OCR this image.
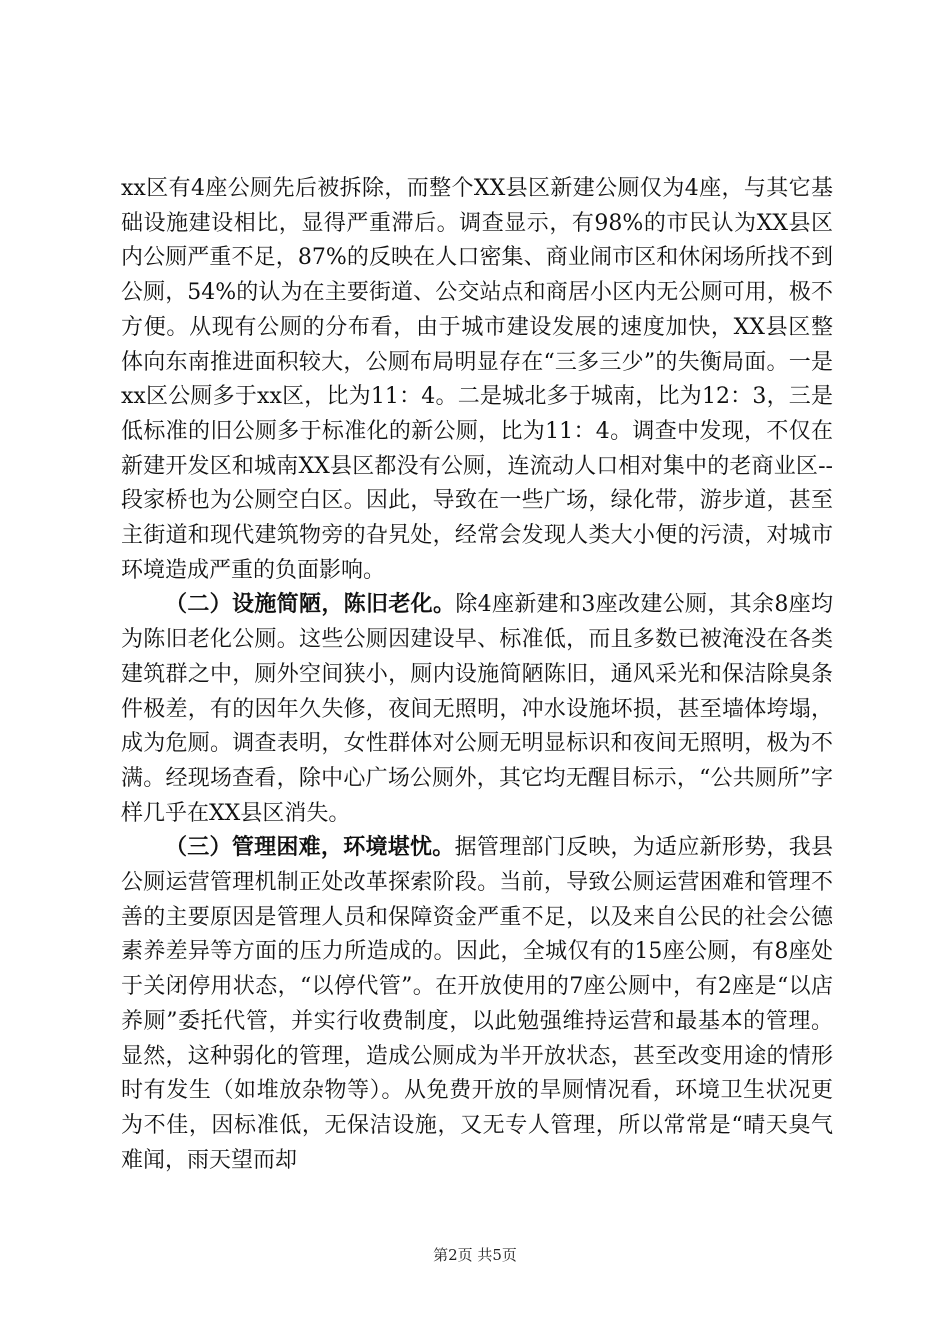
xx区有4座公厕先后被拆除，而整个XX县区新建公厕仅为4座，与其它基础设施建设相比，显得严重滞后。调查显示，有98%的市民认为XX县区内公厕严重不足，87%的反映在人口密集、商业闹市区和休闲场所找不到公厕，54%的认为在主要街道、公交站点和商居小区内无公厕可用，极不方便。从现有公厕的分布看，由于城市建设发展的速度加快，XX县区整体向东南推进面积较大，公厕布局明显存在“三多三少”的失衡局面。一是xx区公厕多于xx区，比为11：4。二是城北多于城南，比为12：3，三是低标准的旧公厕多于标准化的新公厕，比为11：4。调查中发现，不仅在新建开发区和城南XX县区都没有公厕，连流动人口相对集中的老商业区--段家桥也为公厕空白区。因此，导致在一些广场，绿化带，游步道，甚至主街道和现代建筑物旁的旮旯处，经常会发现人类大小便的污渍，对城市环境造成严重的负面影响。

（二）设施简陋，陈旧老化。除4座新建和3座改建公厕，其余8座均为陈旧老化公厕。这些公厕因建设早、标准低，而且多数已被淹没在各类建筑群之中，厕外空间狭小，厕内设施简陋陈旧，通风采光和保洁除臭条件极差，有的因年久失修，夜间无照明，冲水设施坏损，甚至墙体垮塌，成为危厕。调查表明，女性群体对公厕无明显标识和夜间无照明，极为不满。经现场查看，除中心广场公厕外，其它均无醒目标示，“公共厕所”字样几乎在XX县区消失。

（三）管理困难，环境堪忧。据管理部门反映，为适应新形势，我县公厕运营管理机制正处改革探索阶段。当前，导致公厕运营困难和管理不善的主要原因是管理人员和保障资金严重不足，以及来自公民的社会公德素养差异等方面的压力所造成的。因此，全城仅有的15座公厕，有8座处于关闭停用状态，“以停代管”。在开放使用的7座公厕中，有2座是“以店养厕”委托代管，并实行收费制度，以此勉强维持运营和最基本的管理。显然，这种弱化的管理，造成公厕成为半开放状态，甚至改变用途的情形时有发生（如堆放杂物等）。从免费开放的旱厕情况看，环境卫生状况更为不佳，因标准低，无保洁设施，又无专人管理，所以常常是“晴天臭气难闻，雨天望而却

第2页 共5页
